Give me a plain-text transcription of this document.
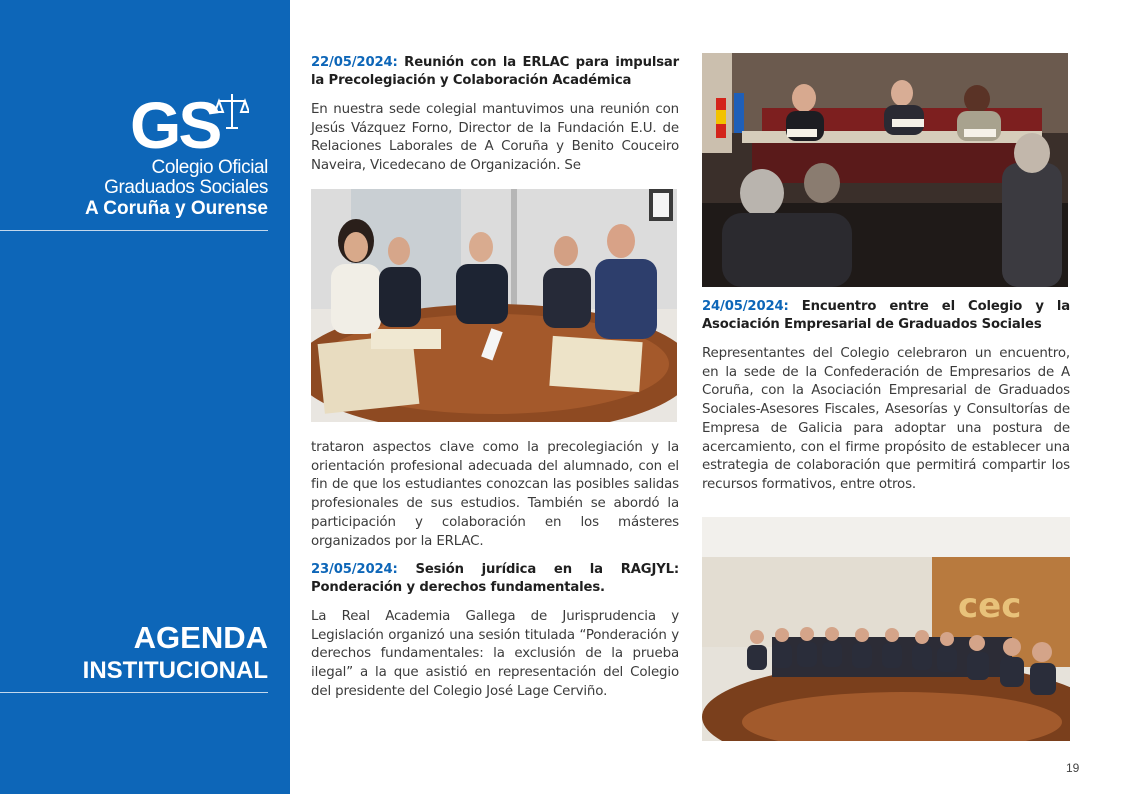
GS
Colegio Oficial
Graduados Sociales
A Coruña y Ourense
AGENDA
INSTITUCIONAL

22/05/2024: Reunión con la ERLAC para impulsar la Precolegiación y Colaboración Académica

En nuestra sede colegial mantuvimos una reunión con Jesús Vázquez Forno, Director de la Fundación E.U. de Relaciones Laborales de A Coruña y Benito Couceiro Naveira, Vicedecano de Organización. Se

trataron aspectos clave como la precolegiación y la orientación profesional adecuada del alumnado, con el fin de que los estudiantes conozcan las posibles salidas profesionales de sus estudios. También se abordó la participación y colaboración en los másteres organizados por la ERLAC.

23/05/2024: Sesión jurídica en la RAGJYL: Ponderación y derechos fundamentales.

La Real Academia Gallega de Jurisprudencia y Legislación organizó una sesión titulada “Ponderación y derechos fundamentales: la exclusión de la prueba ilegal” a la que asistió en representación del Colegio del presidente del Colegio José Lage Cerviño.

24/05/2024: Encuentro entre el Colegio y la Asociación Empresarial de Graduados Sociales

Representantes del Colegio celebraron un encuentro, en la sede de la Confederación de Empresarios de A Coruña, con la Asociación Empresarial de Graduados Sociales-Asesores Fiscales, Asesorías y Consultorías de Empresa de Galicia para adoptar una postura de acercamiento, con el firme propósito de establecer una estrategia de colaboración que permitirá compartir los recursos formativos, entre otros.

cec
19
